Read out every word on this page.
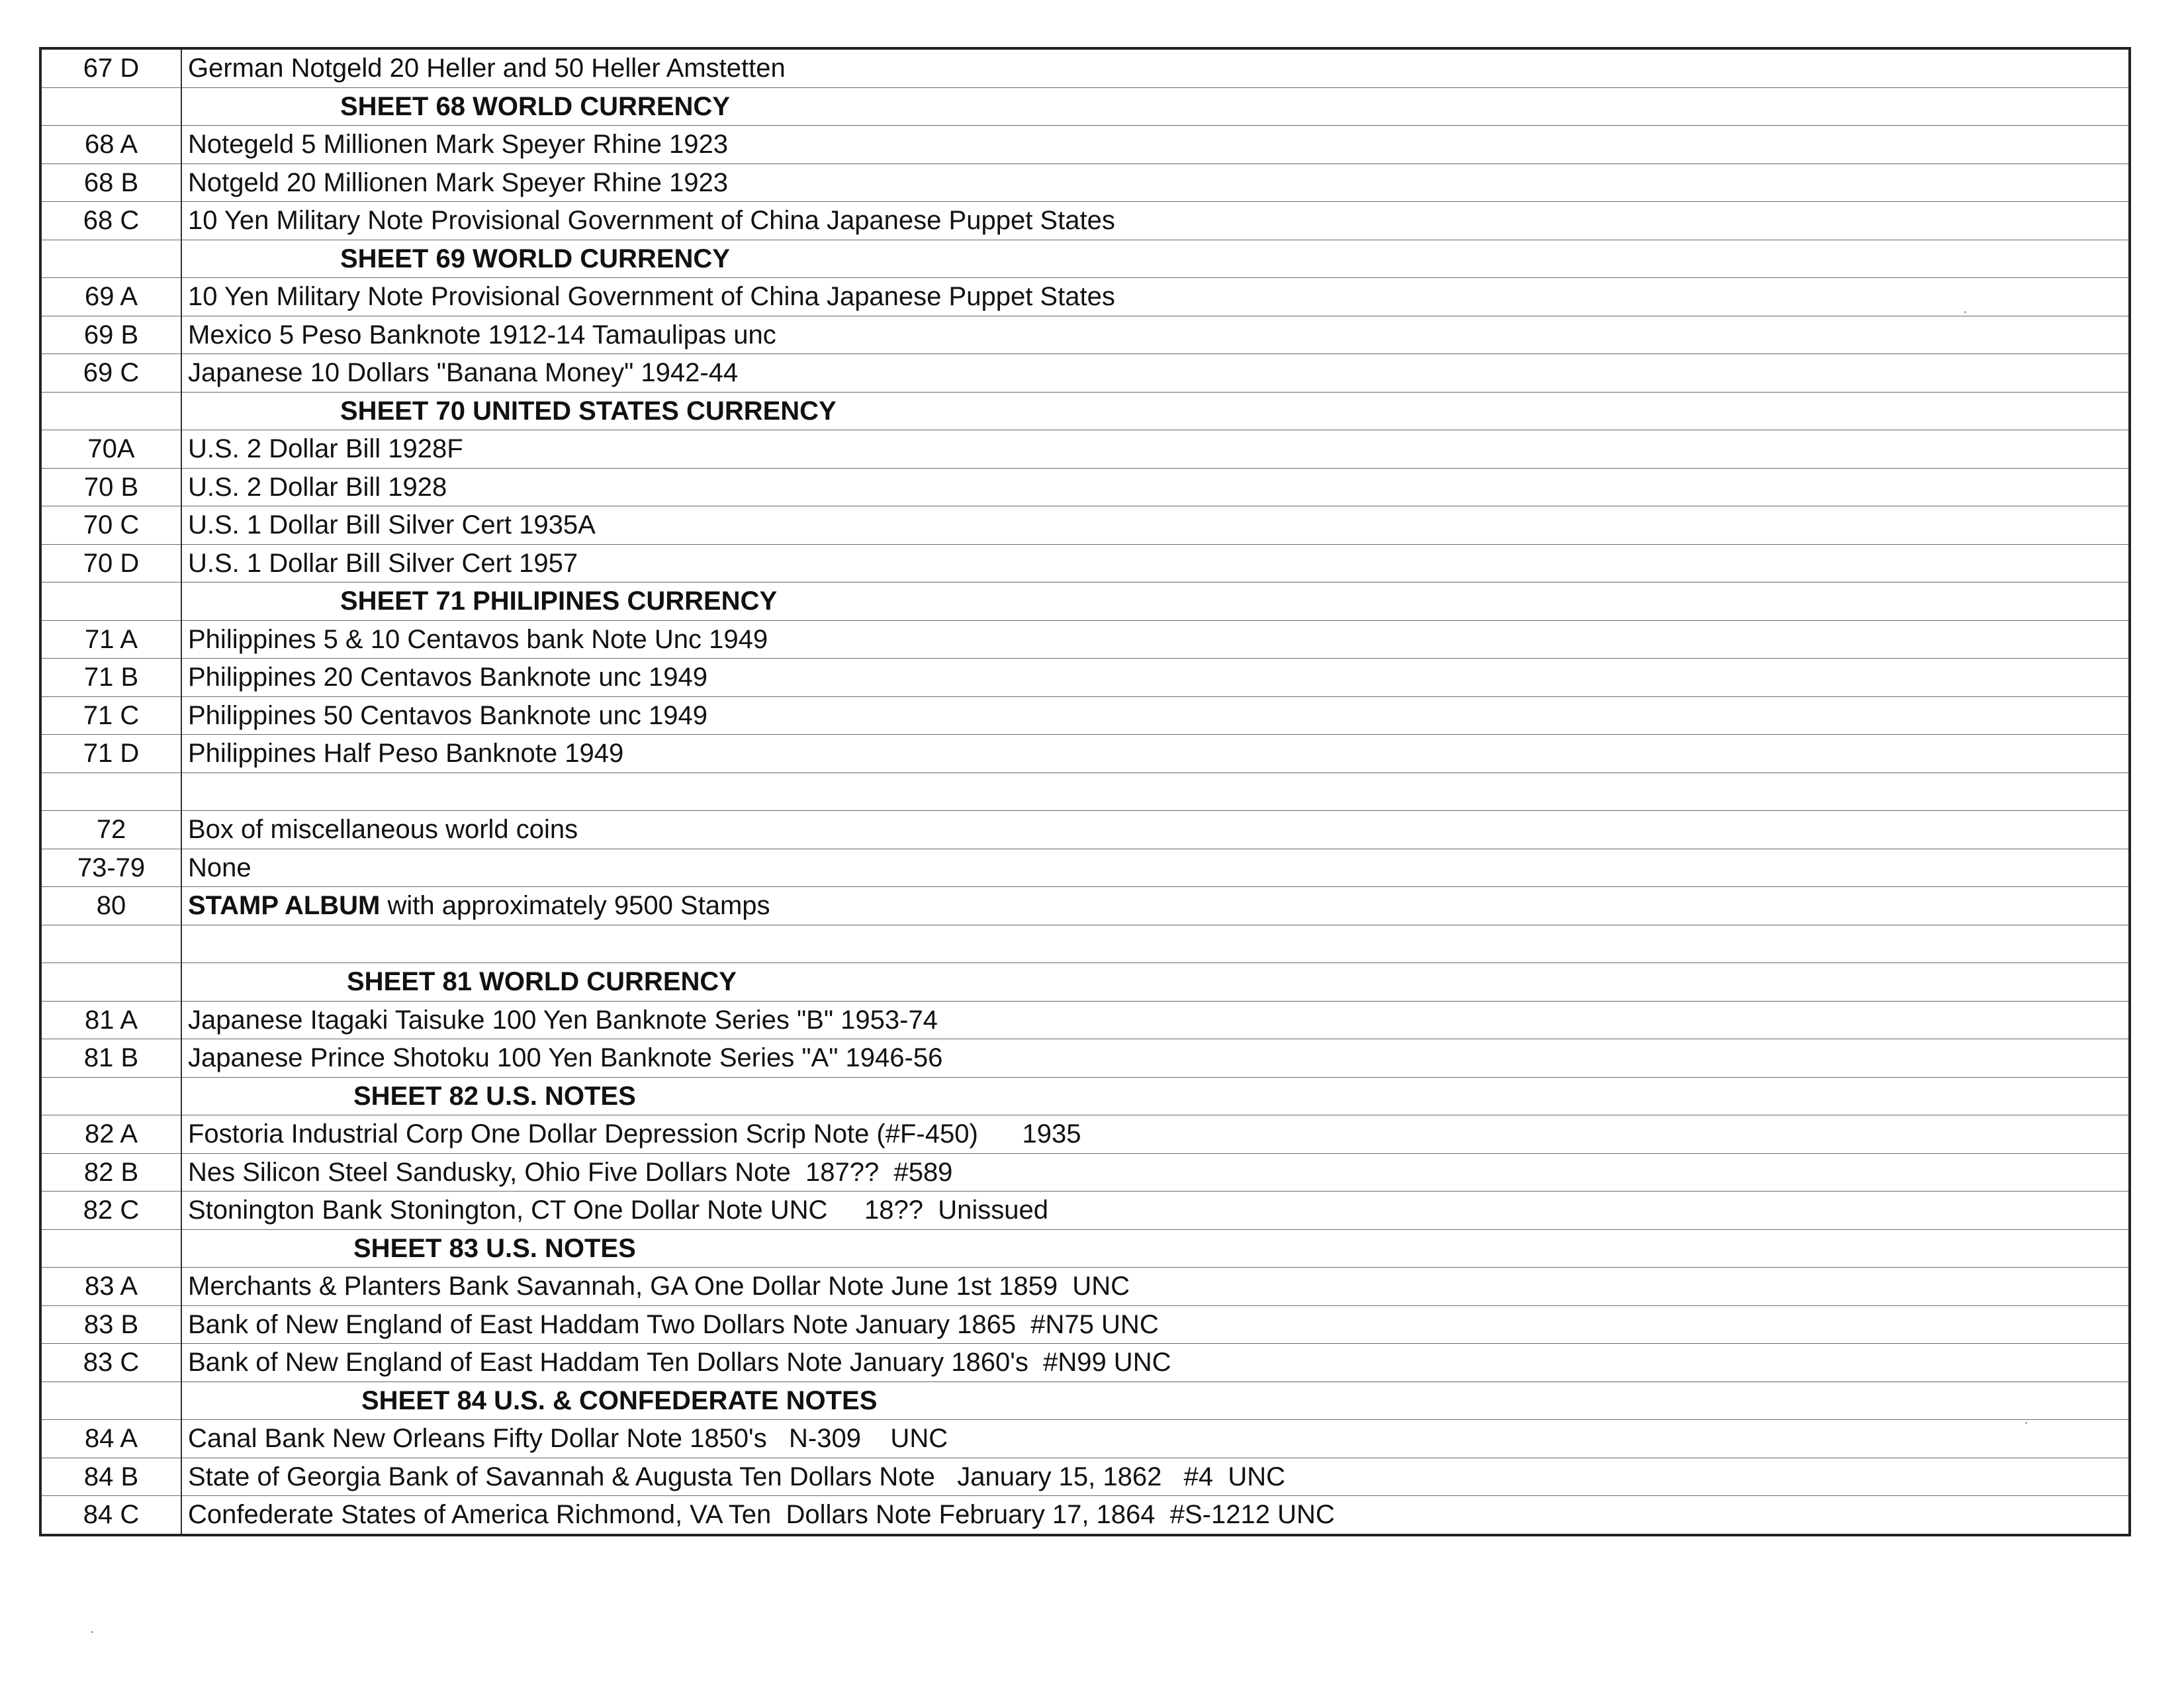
67 D	German Notgeld 20 Heller and 50 Heller Amstetten
	SHEET 68 WORLD CURRENCY
68 A	Notegeld 5 Millionen Mark Speyer Rhine 1923
68 B	Notgeld 20 Millionen Mark Speyer Rhine 1923
68 C	10 Yen Military Note Provisional Government of China Japanese Puppet States
	SHEET 69 WORLD CURRENCY
69 A	10 Yen Military Note Provisional Government of China Japanese Puppet States
69 B	Mexico 5 Peso Banknote 1912-14 Tamaulipas unc
69 C	Japanese 10 Dollars "Banana Money" 1942-44
	SHEET 70 UNITED STATES CURRENCY
70A	U.S. 2 Dollar Bill 1928F
70 B	U.S. 2 Dollar Bill 1928
70 C	U.S. 1 Dollar Bill Silver Cert 1935A
70 D	U.S. 1 Dollar Bill Silver Cert 1957
	SHEET 71 PHILIPINES CURRENCY
71 A	Philippines 5 & 10 Centavos bank Note Unc 1949
71 B	Philippines 20 Centavos Banknote unc 1949
71 C	Philippines 50 Centavos Banknote unc 1949
71 D	Philippines Half Peso Banknote 1949

72	Box of miscellaneous world coins
73-79	None
80	STAMP ALBUM with approximately 9500 Stamps

	SHEET 81 WORLD CURRENCY
81 A	Japanese Itagaki Taisuke 100 Yen Banknote Series "B" 1953-74
81 B	Japanese Prince Shotoku 100 Yen Banknote Series "A" 1946-56
	SHEET 82 U.S. NOTES
82 A	Fostoria Industrial Corp One Dollar Depression Scrip Note (#F-450)      1935
82 B	Nes Silicon Steel Sandusky, Ohio Five Dollars Note  187??  #589
82 C	Stonington Bank Stonington, CT One Dollar Note UNC     18??  Unissued
	SHEET 83 U.S. NOTES
83 A	Merchants & Planters Bank Savannah, GA One Dollar Note June 1st 1859  UNC
83 B	Bank of New England of East Haddam Two Dollars Note January 1865  #N75 UNC
83 C	Bank of New England of East Haddam Ten Dollars Note January 1860's  #N99 UNC
	SHEET 84 U.S. & CONFEDERATE NOTES
84 A	Canal Bank New Orleans Fifty Dollar Note 1850's   N-309    UNC
84 B	State of Georgia Bank of Savannah & Augusta Ten Dollars Note   January 15, 1862   #4  UNC
84 C	Confederate States of America Richmond, VA Ten  Dollars Note February 17, 1864  #S-1212 UNC
